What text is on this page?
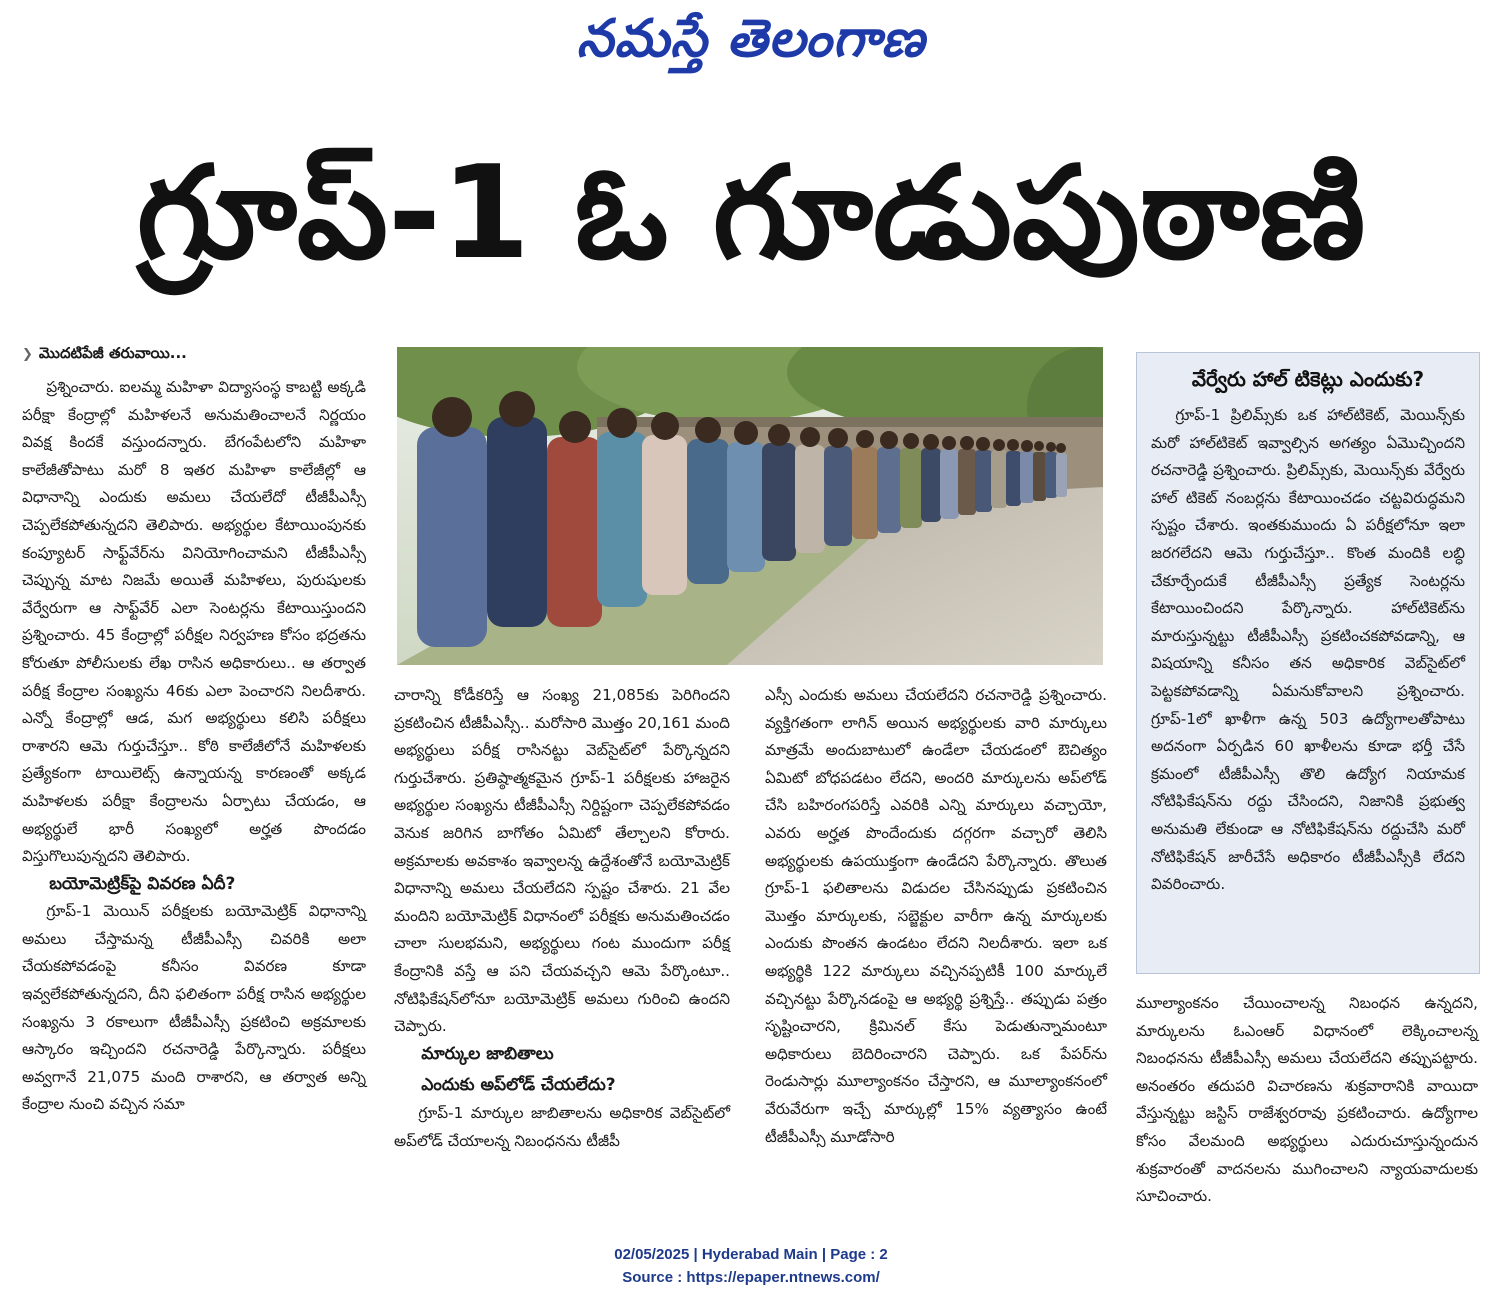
నమస్తే తెలంగాణ
గ్రూప్-1 ఓ గూడుపుఠాణి
❯ మొదటిపేజీ తరువాయి...

ప్రశ్నించారు. ఐలమ్మ మహిళా విద్యాసంస్థ కాబట్టి అక్కడి పరీక్షా కేంద్రాల్లో మహిళలనే అనుమతించాలనే నిర్ణయం వివక్ష కిందకే వస్తుందన్నారు. బేగంపేటలోని మహిళా కాలేజీతోపాటు మరో 8 ఇతర మహిళా కాలేజీల్లో ఆ విధానాన్ని ఎందుకు అమలు చేయలేదో టీజీపీఎస్సీ చెప్పలేకపోతున్నదని తెలిపారు. అభ్యర్థుల కేటాయింపునకు కంప్యూటర్ సాఫ్ట్‌వేర్‌ను వినియోగించామని టీజీపీఎస్సీ చెప్పున్న మాట నిజమే అయితే మహిళలు, పురుషులకు వేర్వేరుగా ఆ సాఫ్ట్‌వేర్ ఎలా సెంటర్లను కేటాయిస్తుందని ప్రశ్నించారు. 45 కేంద్రాల్లో పరీక్షల నిర్వహణ కోసం భద్రతను కోరుతూ పోలీసులకు లేఖ రాసిన అధికారులు.. ఆ తర్వాత పరీక్ష కేంద్రాల సంఖ్యను 46కు ఎలా పెంచారని నిలదీశారు. ఎన్నో కేంద్రాల్లో ఆడ, మగ అభ్యర్థులు కలిసి పరీక్షలు రాశారని ఆమె గుర్తుచేస్తూ.. కోఠి కాలేజీలోనే మహిళలకు ప్రత్యేకంగా టాయిలెట్స్ ఉన్నాయన్న కారణంతో అక్కడ మహిళలకు పరీక్షా కేంద్రాలను ఏర్పాటు చేయడం, ఆ అభ్యర్థులే భారీ సంఖ్యలో అర్హత పొందడం విస్తుగొలుపున్నదని తెలిపారు.

బయోమెట్రిక్‌పై వివరణ ఏదీ?

గ్రూప్-1 మెయిన్ పరీక్షలకు బయోమెట్రిక్ విధానాన్ని అమలు చేస్తామన్న టీజీపీఎస్సీ చివరికి అలా చేయకపోవడంపై కనీసం వివరణ కూడా ఇవ్వలేకపోతున్నదని, దీని ఫలితంగా పరీక్ష రాసిన అభ్యర్థుల సంఖ్యను 3 రకాలుగా టీజీపీఎస్సీ ప్రకటించి అక్రమాలకు ఆస్కారం ఇచ్చిందని రచనారెడ్డి పేర్కొన్నారు. పరీక్షలు అవ్వగానే 21,075 మంది రాశారని, ఆ తర్వాత అన్ని కేంద్రాల నుంచి వచ్చిన సమా

చారాన్ని కోడీకరిస్తే ఆ సంఖ్య 21,085కు పెరిగిందని ప్రకటించిన టీజీపీఎస్సీ.. మరోసారి మొత్తం 20,161 మంది అభ్యర్థులు పరీక్ష రాసినట్టు వెబ్‌సైట్‌లో పేర్కొన్నదని గుర్తుచేశారు. ప్రతిష్ఠాత్మకమైన గ్రూప్-1 పరీక్షలకు హాజరైన అభ్యర్థుల సంఖ్యను టీజీపీఎస్సీ నిర్దిష్టంగా చెప్పలేకపోవడం వెనుక జరిగిన బాగోతం ఏమిటో తేల్చాలని కోరారు. అక్రమాలకు అవకాశం ఇవ్వాలన్న ఉద్దేశంతోనే బయోమెట్రిక్ విధానాన్ని అమలు చేయలేదని స్పష్టం చేశారు. 21 వేల మందిని బయోమెట్రిక్ విధానంలో పరీక్షకు అనుమతించడం చాలా సులభమని, అభ్యర్థులు గంట ముందుగా పరీక్ష కేంద్రానికి వస్తే ఆ పని చేయవచ్చని ఆమె పేర్కొంటూ.. నోటిఫికేషన్‌లోనూ బయోమెట్రిక్ అమలు గురించి ఉందని చెప్పారు.

మార్కుల జాబితాలు

ఎందుకు అప్‌లోడ్ చేయలేదు?

గ్రూప్-1 మార్కుల జాబితాలను అధికారిక వెబ్‌సైట్‌లో అప్‌లోడ్ చేయాలన్న నిబంధనను టీజీపీ

ఎస్సీ ఎందుకు అమలు చేయలేదని రచనారెడ్డి ప్రశ్నించారు. వ్యక్తిగతంగా లాగిన్ అయిన అభ్యర్థులకు వారి మార్కులు మాత్రమే అందుబాటులో ఉండేలా చేయడంలో ఔచిత్యం ఏమిటో బోధపడటం లేదని, అందరి మార్కులను అప్‌లోడ్ చేసి బహిరంగపరిస్తే ఎవరికి ఎన్ని మార్కులు వచ్చాయో, ఎవరు అర్హత పొందేందుకు దగ్గరగా వచ్చారో తెలిసి అభ్యర్థులకు ఉపయుక్తంగా ఉండేదని పేర్కొన్నారు. తొలుత గ్రూప్-1 ఫలితాలను విడుదల చేసినప్పుడు ప్రకటించిన మొత్తం మార్కులకు, సబ్జెక్టుల వారీగా ఉన్న మార్కులకు ఎందుకు పొంతన ఉండటం లేదని నిలదీశారు. ఇలా ఒక అభ్యర్థికి 122 మార్కులు వచ్చినప్పటికీ 100 మార్కులే వచ్చినట్టు పేర్కొనడంపై ఆ అభ్యర్థి ప్రశ్నిస్తే.. తప్పుడు పత్రం సృష్టించారని, క్రిమినల్ కేసు పెడుతున్నామంటూ అధికారులు బెదిరించారని చెప్పారు. ఒక పేపర్‌ను రెండుసార్లు మూల్యాంకనం చేస్తారని, ఆ మూల్యాంకనంలో వేరువేరుగా ఇచ్చే మార్కుల్లో 15% వ్యత్యాసం ఉంటే టీజీపీఎస్సీ మూడోసారి

వేర్వేరు హాల్ టికెట్లు ఎందుకు?
గ్రూప్-1 ప్రిలిమ్స్‌కు ఒక హాల్‌టికెట్, మెయిన్స్‌కు మరో హాల్‌టికెట్ ఇవ్వాల్సిన అగత్యం ఏమొచ్చిందని రచనారెడ్డి ప్రశ్నించారు. ప్రిలిమ్స్‌కు, మెయిన్స్‌కు వేర్వేరు హాల్ టికెట్ నంబర్లను కేటాయించడం చట్టవిరుద్ధమని స్పష్టం చేశారు. ఇంతకుముందు ఏ పరీక్షలోనూ ఇలా జరగలేదని ఆమె గుర్తుచేస్తూ.. కొంత మందికి లబ్ధి చేకూర్చేందుకే టీజీపీఎస్సీ ప్రత్యేక సెంటర్లను కేటాయించిందని పేర్కొన్నారు. హాల్‌టికెట్‌ను మారుస్తున్నట్టు టీజీపీఎస్సీ ప్రకటించకపోవడాన్ని, ఆ విషయాన్ని కనీసం తన అధికారిక వెబ్‌సైట్‌లో పెట్టకపోవడాన్ని ఏమనుకోవాలని ప్రశ్నించారు. గ్రూప్-1లో ఖాళీగా ఉన్న 503 ఉద్యోగాలతోపాటు అదనంగా ఏర్పడిన 60 ఖాళీలను కూడా భర్తీ చేసే క్రమంలో టీజీపీఎస్సీ తొలి ఉద్యోగ నియామక నోటిఫికేషన్‌ను రద్దు చేసిందని, నిజానికి ప్రభుత్వ అనుమతి లేకుండా ఆ నోటిఫికేషన్‌ను రద్దుచేసి మరో నోటిఫికేషన్ జారీచేసే అధికారం టీజీపీఎస్సీకి లేదని వివరించారు.

మూల్యాంకనం చేయించాలన్న నిబంధన ఉన్నదని, మార్కులను ఓఎంఆర్ విధానంలో లెక్కించాలన్న నిబంధనను టీజీపీఎస్సీ అమలు చేయలేదని తప్పుపట్టారు. అనంతరం తదుపరి విచారణను శుక్రవారానికి వాయిదా వేస్తున్నట్టు జస్టిస్ రాజేశ్వరరావు ప్రకటించారు. ఉద్యోగాల కోసం వేలమంది అభ్యర్థులు ఎదురుచూస్తున్నందున శుక్రవారంతో వాదనలను ముగించాలని న్యాయవాదులకు సూచించారు.

02/05/2025 | Hyderabad Main | Page : 2
Source : https://epaper.ntnews.com/
